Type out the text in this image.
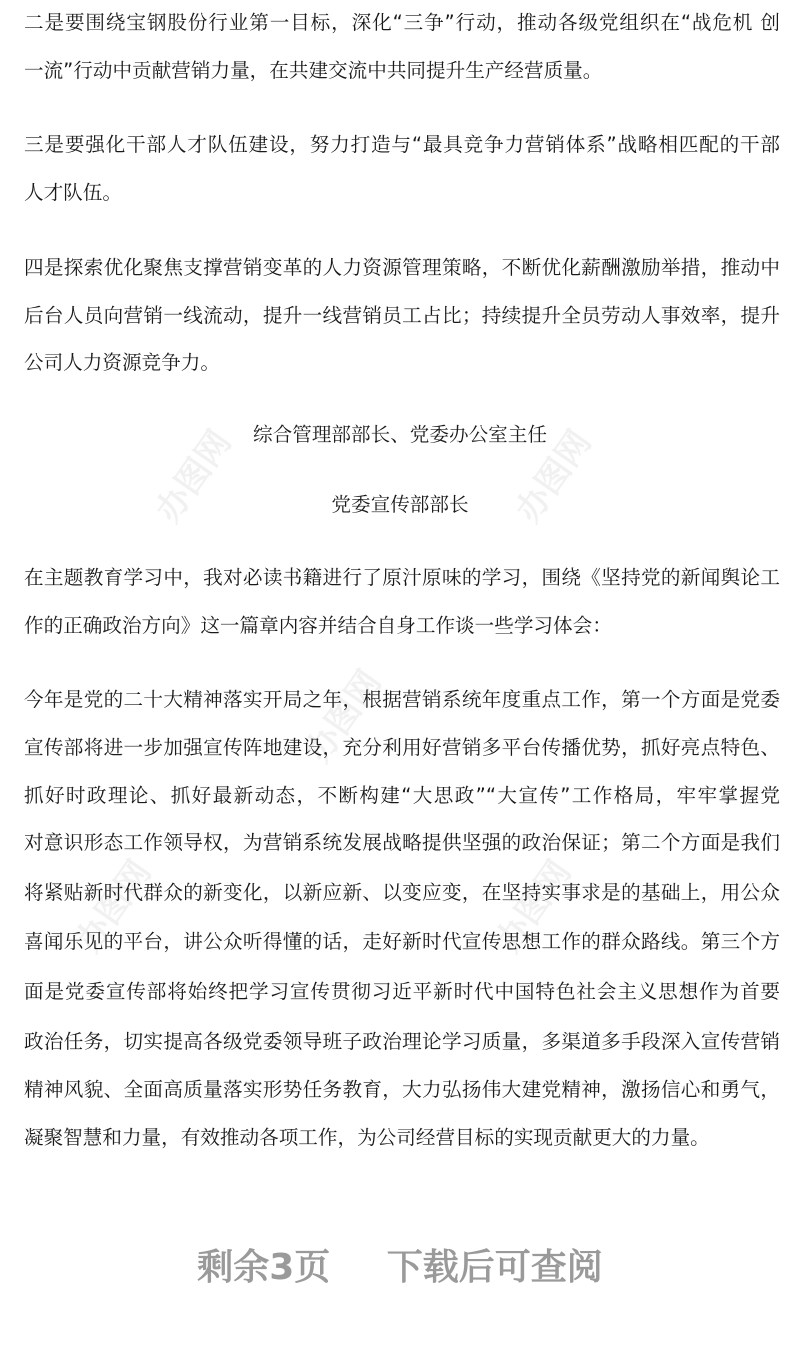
办图网	办图网
办图网
办图网	办图网
二是要围绕宝钢股份行业第一目标，深化“三争”行动，推动各级党组织在“战危机 创
一流”行动中贡献营销力量，在共建交流中共同提升生产经营质量。
三是要强化干部人才队伍建设，努力打造与“最具竞争力营销体系”战略相匹配的干部
人才队伍。
四是探索优化聚焦支撑营销变革的人力资源管理策略，不断优化薪酬激励举措，推动中
后台人员向营销一线流动，提升一线营销员工占比；持续提升全员劳动人事效率，提升
公司人力资源竞争力。
在主题教育学习中，我对必读书籍进行了原汁原味的学习，围绕《坚持党的新闻舆论工
作的正确政治方向》这一篇章内容并结合自身工作谈一些学习体会：
今年是党的二十大精神落实开局之年，根据营销系统年度重点工作，第一个方面是党委
宣传部将进一步加强宣传阵地建设，充分利用好营销多平台传播优势，抓好亮点特色、
抓好时政理论、抓好最新动态，不断构建“大思政”“大宣传”工作格局，牢牢掌握党
对意识形态工作领导权，为营销系统发展战略提供坚强的政治保证；第二个方面是我们
将紧贴新时代群众的新变化，以新应新、以变应变，在坚持实事求是的基础上，用公众
喜闻乐见的平台，讲公众听得懂的话，走好新时代宣传思想工作的群众路线。第三个方
面是党委宣传部将始终把学习宣传贯彻习近平新时代中国特色社会主义思想作为首要
政治任务，切实提高各级党委领导班子政治理论学习质量，多渠道多手段深入宣传营销
精神风貌、全面高质量落实形势任务教育，大力弘扬伟大建党精神，激扬信心和勇气，
凝聚智慧和力量，有效推动各项工作，为公司经营目标的实现贡献更大的力量。
综合管理部部长、党委办公室主任
党委宣传部部长
剩余3页 下载后可查阅
